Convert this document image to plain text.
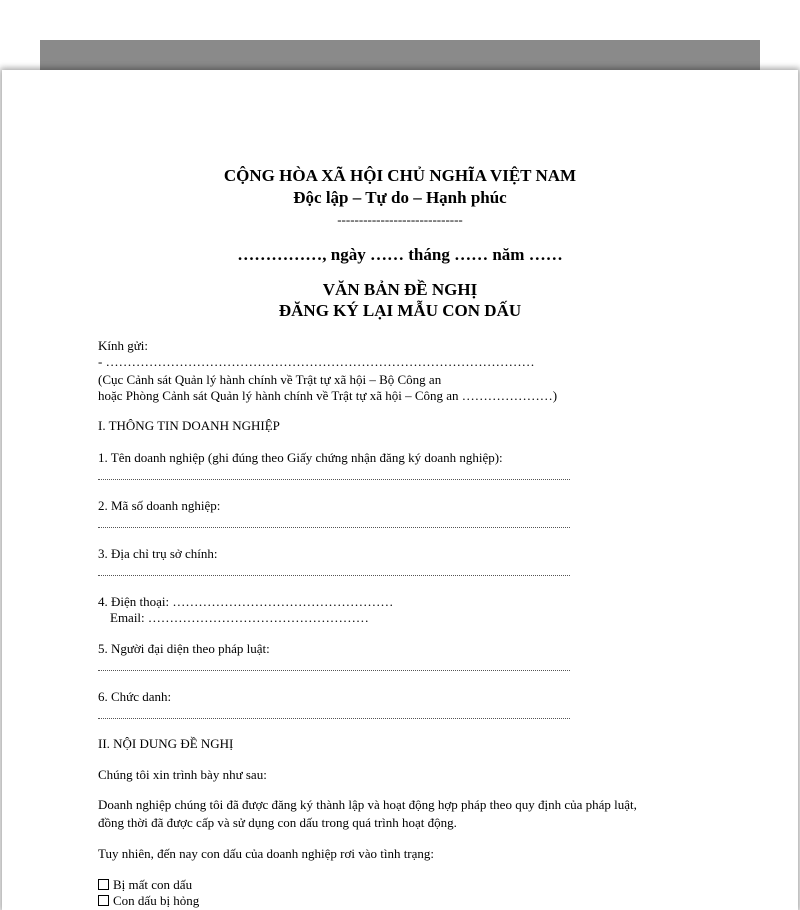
CỘNG HÒA XÃ HỘI CHỦ NGHĨA VIỆT NAM
Độc lập – Tự do – Hạnh phúc
-----------------------------
……………, ngày …… tháng …… năm ……
VĂN BẢN ĐỀ NGHỊ
ĐĂNG KÝ LẠI MẪU CON DẤU
Kính gửi:
- ………………………………………………………………………………………
(Cục Cảnh sát Quản lý hành chính về Trật tự xã hội – Bộ Công an
hoặc Phòng Cảnh sát Quản lý hành chính về Trật tự xã hội – Công an …………………)
I. THÔNG TIN DOANH NGHIỆP
1. Tên doanh nghiệp (ghi đúng theo Giấy chứng nhận đăng ký doanh nghiệp):
2. Mã số doanh nghiệp:
3. Địa chỉ trụ sở chính:
4. Điện thoại: ……………………………………………
Email: ……………………………………………
5. Người đại diện theo pháp luật:
6. Chức danh:
II. NỘI DUNG ĐỀ NGHỊ
Chúng tôi xin trình bày như sau:
Doanh nghiệp chúng tôi đã được đăng ký thành lập và hoạt động hợp pháp theo quy định của pháp luật,
đồng thời đã được cấp và sử dụng con dấu trong quá trình hoạt động.
Tuy nhiên, đến nay con dấu của doanh nghiệp rơi vào tình trạng:
Bị mất con dấu
Con dấu bị hỏng
